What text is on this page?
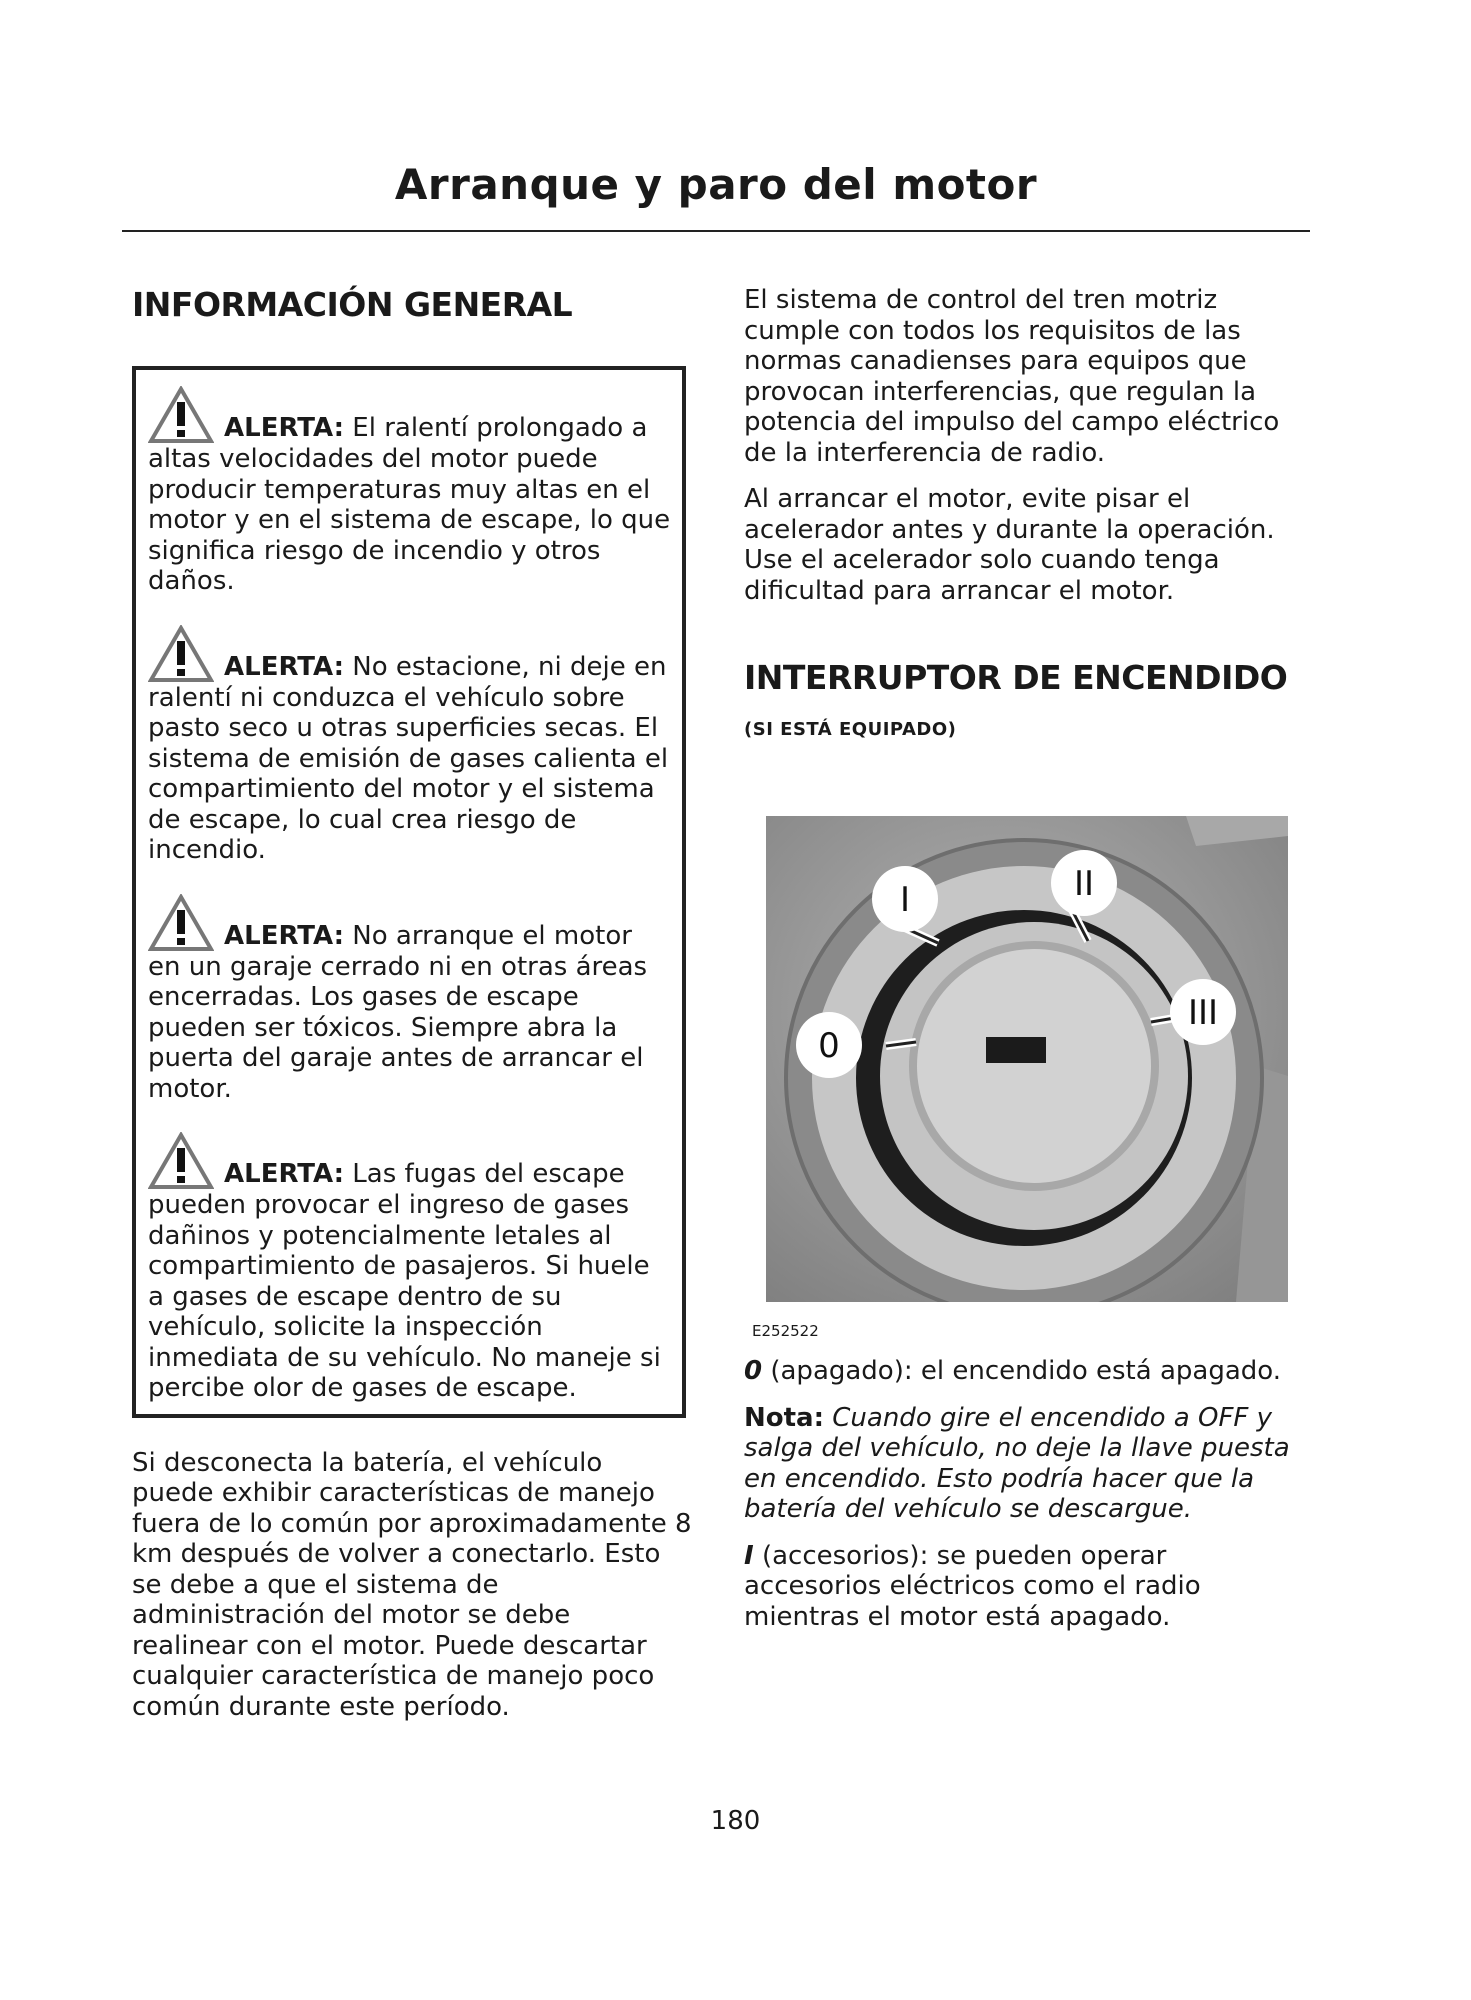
Arranque y paro del motor
INFORMACIÓN GENERAL
ALERTA: El ralentí prolongado a altas velocidades del motor puede producir temperaturas muy altas en el motor y en el sistema de escape, lo que significa riesgo de incendio y otros daños.
ALERTA: No estacione, ni deje en ralentí ni conduzca el vehículo sobre pasto seco u otras superficies secas. El sistema de emisión de gases calienta el compartimiento del motor y el sistema de escape, lo cual crea riesgo de incendio.
ALERTA: No arranque el motor en un garaje cerrado ni en otras áreas encerradas. Los gases de escape pueden ser tóxicos. Siempre abra la puerta del garaje antes de arrancar el motor.
ALERTA: Las fugas del escape pueden provocar el ingreso de gases dañinos y potencialmente letales al compartimiento de pasajeros. Si huele a gases de escape dentro de su vehículo, solicite la inspección inmediata de su vehículo. No maneje si percibe olor de gases de escape.

Si desconecta la batería, el vehículo puede exhibir características de manejo fuera de lo común por aproximadamente 8 km después de volver a conectarlo. Esto se debe a que el sistema de administración del motor se debe realinear con el motor. Puede descartar cualquier característica de manejo poco común durante este período.

El sistema de control del tren motriz cumple con todos los requisitos de las normas canadienses para equipos que provocan interferencias, que regulan la potencia del impulso del campo eléctrico de la interferencia de radio.

Al arrancar el motor, evite pisar el acelerador antes y durante la operación. Use el acelerador solo cuando tenga dificultad para arrancar el motor.

INTERRUPTOR DE ENCENDIDO
(SI ESTÁ EQUIPADO)
0
I	II
III
E252522

0 (apagado): el encendido está apagado.

Nota: Cuando gire el encendido a OFF y salga del vehículo, no deje la llave puesta en encendido. Esto podría hacer que la batería del vehículo se descargue.

I (accesorios): se pueden operar accesorios eléctricos como el radio mientras el motor está apagado.

180
